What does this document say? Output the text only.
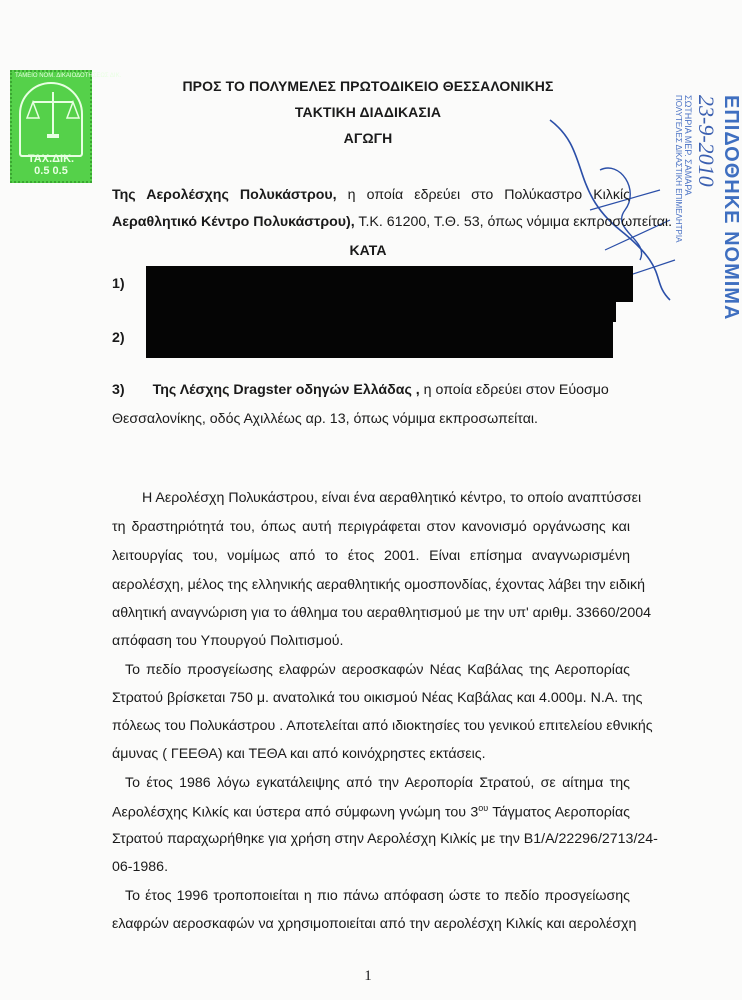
ΤΑΜΕΙΟ ΝΟΜ. ΔΙΚΑΙΟΔΟΤΗΣΕΩΣ ΔΙΚ.
ΤΑΧ.ΔΙΚ.
0.5 0.5	ΕΠΙΔΟΘΗΚΕ ΝΟΜΙΜΑ
23-9-2010
ΣΩΤΗΡΙΑ ΜΕΡ. ΣΑΜΑΡΑ
ΠΟΛΥΤΕΛΕΣ ΔΙΚΑΣΤΙΚΗ ΕΠΙΜΕΛΗΤΡΙΑ
ΠΡΟΣ ΤΟ ΠΟΛΥΜΕΛΕΣ ΠΡΩΤΟΔΙΚΕΙΟ ΘΕΣΣΑΛΟΝΙΚΗΣ
ΤΑΚΤΙΚΗ ΔΙΑΔΙΚΑΣΙΑ
ΑΓΩΓΗ
Της Αερολέσχης Πολυκάστρου, η οποία εδρεύει στο Πολύκαστρο Κιλκίς
Αεραθλητικό Κέντρο Πολυκάστρου), Τ.Κ. 61200, Τ.Θ. 53, όπως νόμιμα εκπροσωπείται.
ΚΑΤΑ
1)
2)
3) Της Λέσχης Dragster οδηγών Ελλάδας , η οποία εδρεύει στον Εύοσμο
Θεσσαλονίκης, οδός Αχιλλέως αρ. 13, όπως νόμιμα εκπροσωπείται.
Η Αερολέσχη Πολυκάστρου, είναι ένα αεραθλητικό κέντρο, το οποίο αναπτύσσει
τη δραστηριότητά του, όπως αυτή περιγράφεται στον κανονισμό οργάνωσης και
λειτουργίας του, νομίμως από το έτος 2001. Είναι επίσημα αναγνωρισμένη
αερολέσχη, μέλος της ελληνικής αεραθλητικής ομοσπονδίας, έχοντας λάβει την ειδική
αθλητική αναγνώριση για το άθλημα του αεραθλητισμού με την υπ' αριθμ. 33660/2004
απόφαση του Υπουργού Πολιτισμού.
Το πεδίο προσγείωσης ελαφρών αεροσκαφών Νέας Καβάλας της Αεροπορίας
Στρατού βρίσκεται 750 μ. ανατολικά του οικισμού Νέας Καβάλας και 4.000μ. Ν.Α. της
πόλεως του Πολυκάστρου . Αποτελείται από ιδιοκτησίες του γενικού επιτελείου εθνικής
άμυνας ( ΓΕΕΘΑ) και ΤΕΘΑ και από κοινόχρηστες εκτάσεις.
Το έτος 1986 λόγω εγκατάλειψης από την Αεροπορία Στρατού, σε αίτημα της
Αερολέσχης Κιλκίς και ύστερα από σύμφωνη γνώμη του $3^{o\upsilon}$ Τάγματος Αεροπορίας
Στρατού παραχωρήθηκε για χρήση στην Αερολέσχη Κιλκίς με την Β1/Α/22296/2713/24-
06-1986.
Το έτος 1996 τροποποιείται η πιο πάνω απόφαση ώστε το πεδίο προσγείωσης
ελαφρών αεροσκαφών να χρησιμοποιείται από την αερολέσχη Κιλκίς και αερολέσχη
1
